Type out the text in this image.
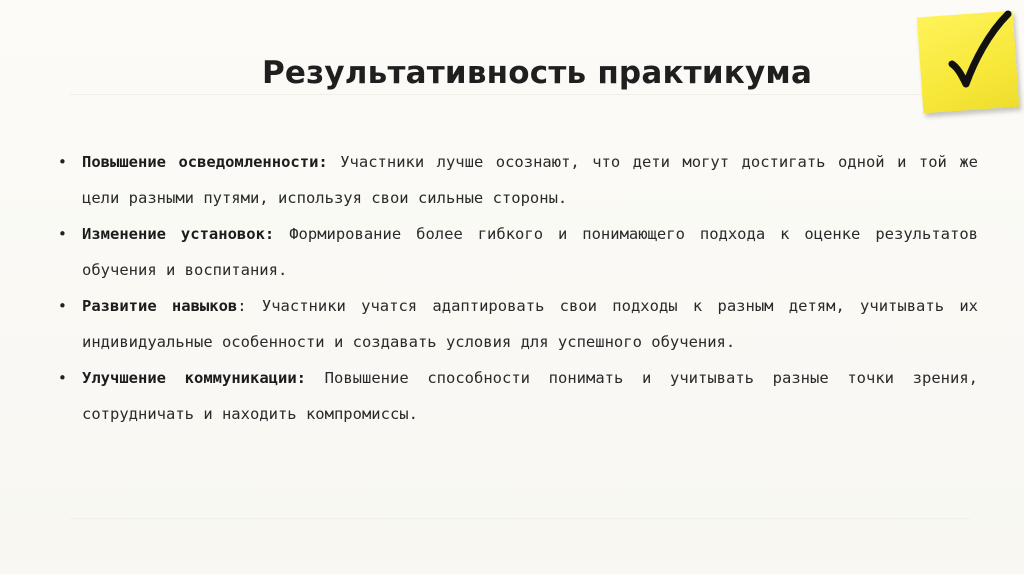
Результативность практикума
• Повышение осведомленности: Участники лучше осознают, что дети могут достигать одной и той же цели разными путями, используя свои сильные стороны.
• Изменение установок: Формирование более гибкого и понимающего подхода к оценке результатов обучения и воспитания.
• Развитие навыков: Участники учатся адаптировать свои подходы к разным детям, учитывать их индивидуальные особенности и создавать условия для успешного обучения.
• Улучшение коммуникации: Повышение способности понимать и учитывать разные точки зрения, сотрудничать и находить компромиссы.
